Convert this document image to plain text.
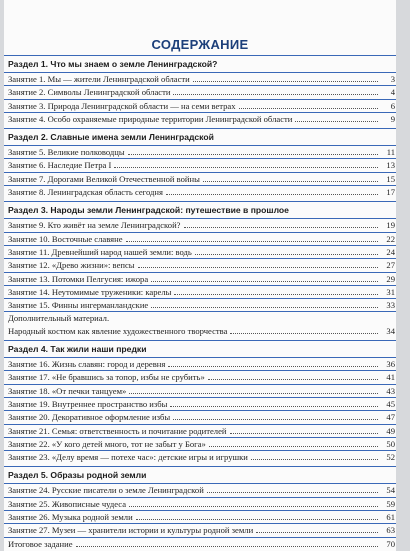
СОДЕРЖАНИЕ
Раздел 1. Что мы знаем о земле Ленинградской?
Занятие 1. Мы — жители Ленинградской области	3
Занятие 2. Символы Ленинградской области	4
Занятие 3. Природа Ленинградской области — на семи ветрах	6
Занятие 4. Особо охраняемые природные территории Ленинградской области	9
Раздел 2. Славные имена земли Ленинградской
Занятие 5. Великие полководцы	11
Занятие 6. Наследие Петра I	13
Занятие 7. Дорогами Великой Отечественной войны	15
Занятие 8. Ленинградская область сегодня	17
Раздел 3. Народы земли Ленинградской: путешествие в прошлое
Занятие 9. Кто живёт на земле Ленинградской?	19
Занятие 10. Восточные славяне	22
Занятие 11. Древнейший народ нашей земли: водь	24
Занятие 12. «Древо жизни»: вепсы	27
Занятие 13. Потомки Пелгусия: ижора	29
Занятие 14. Неутомимые труженики: карелы	31
Занятие 15. Финны ингерманландские	33
Дополнительный материал.
Народный костюм как явление художественного творчества	34
Раздел 4. Так жили наши предки
Занятие 16. Жизнь славян: город и деревня	36
Занятие 17. «Не бравшись за топор, избы не срубить»	41
Занятие 18. «От печки танцуем»	43
Занятие 19. Внутреннее пространство избы	45
Занятие 20. Декоративное оформление избы	47
Занятие 21. Семья: ответственность и почитание родителей	49
Занятие 22. «У кого детей много, тот не забыт у Бога»	50
Занятие 23. «Делу время — потехе час»: детские игры и игрушки	52
Раздел 5. Образы родной земли
Занятие 24. Русские писатели о земле Ленинградской	54
Занятие 25. Живописные чудеса	59
Занятие 26. Музыка родной земли	61
Занятие 27. Музеи — хранители истории и культуры родной земли	63
Итоговое задание	70
